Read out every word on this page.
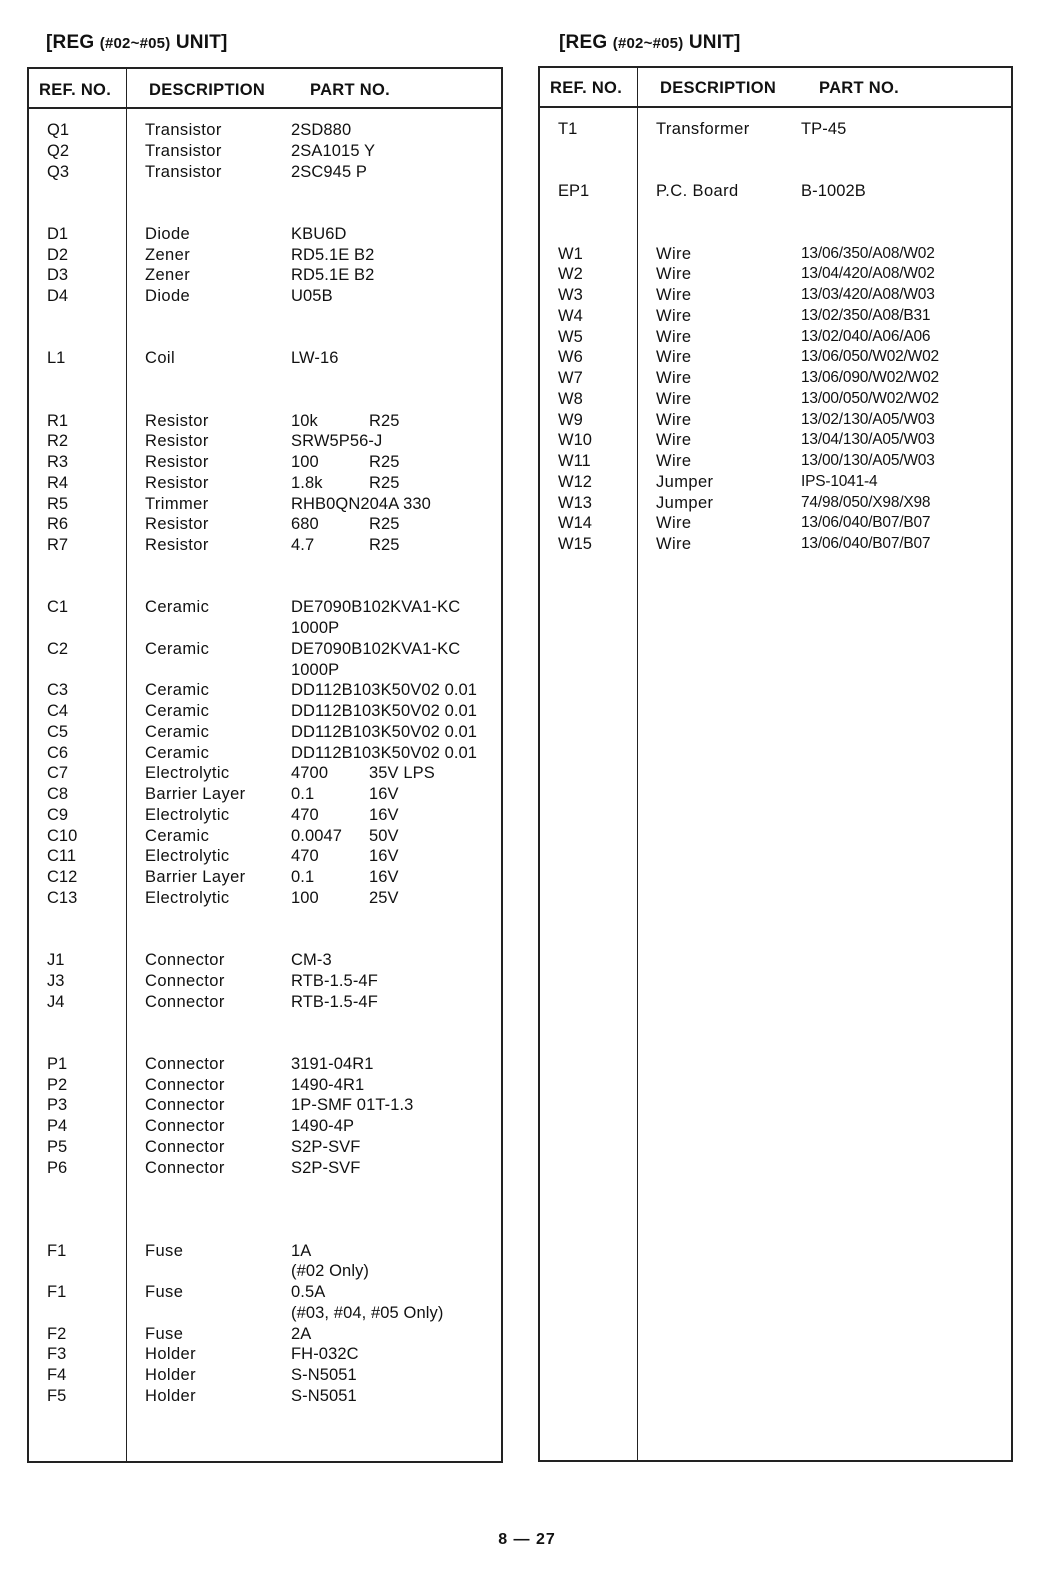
[REG (#02~#05) UNIT]
REF. NO. DESCRIPTION	PART NO.
Q1	Transistor	2SD880
Q2	Transistor	2SA1015 Y
Q3	Transistor	2SC945 P
D1	Diode	KBU6D
D2	Zener	RD5.1E B2
D3	Zener	RD5.1E B2
D4	Diode	U05B
L1	Coil	LW-16
R1	Resistor	10k	R25
R2	Resistor	SRW5P56-J
R3	Resistor	100	R25
R4	Resistor	1.8k	R25
R5	Trimmer	RHB0QN204A 330
R6	Resistor	680	R25
R7	Resistor	4.7	R25
C1	Ceramic	DE7090B102KVA1-KC
1000P
C2	Ceramic	DE7090B102KVA1-KC
1000P
C3	Ceramic	DD112B103K50V02 0.01
C4	Ceramic	DD112B103K50V02 0.01
C5	Ceramic	DD112B103K50V02 0.01
C6	Ceramic	DD112B103K50V02 0.01
C7	Electrolytic	4700 35V LPS
C8	Barrier Layer	0.1	16V
C9	Electrolytic	470	16V
C10	Ceramic	0.0047 50V
C11	Electrolytic	470	16V
C12	Barrier Layer	0.1	16V
C13	Electrolytic	100	25V
J1	Connector	CM-3
J3	Connector	RTB-1.5-4F
J4	Connector	RTB-1.5-4F
P1	Connector	3191-04R1
P2	Connector	1490-4R1
P3	Connector	1P-SMF 01T-1.3
P4	Connector	1490-4P
P5	Connector	S2P-SVF
P6	Connector	S2P-SVF
F1	Fuse	1A
(#02 Only)
F1	Fuse	0.5A
(#03, #04, #05 Only)
F2	Fuse	2A
F3	Holder	FH-032C
F4	Holder	S-N5051
F5	Holder	S-N5051
[REG (#02~#05) UNIT]
REF. NO. DESCRIPTION	PART NO.
T1	Transformer	TP-45
EP1	P.C. Board	B-1002B
W1	Wire	13/06/350/A08/W02
W2	Wire	13/04/420/A08/W02
W3	Wire	13/03/420/A08/W03
W4	Wire	13/02/350/A08/B31
W5	Wire	13/02/040/A06/A06
W6	Wire	13/06/050/W02/W02
W7	Wire	13/06/090/W02/W02
W8	Wire	13/00/050/W02/W02
W9	Wire	13/02/130/A05/W03
W10	Wire	13/04/130/A05/W03
W11	Wire	13/00/130/A05/W03
W12	Jumper	IPS-1041-4
W13	Jumper	74/98/050/X98/X98
W14	Wire	13/06/040/B07/B07
W15	Wire	13/06/040/B07/B07
8 — 27
